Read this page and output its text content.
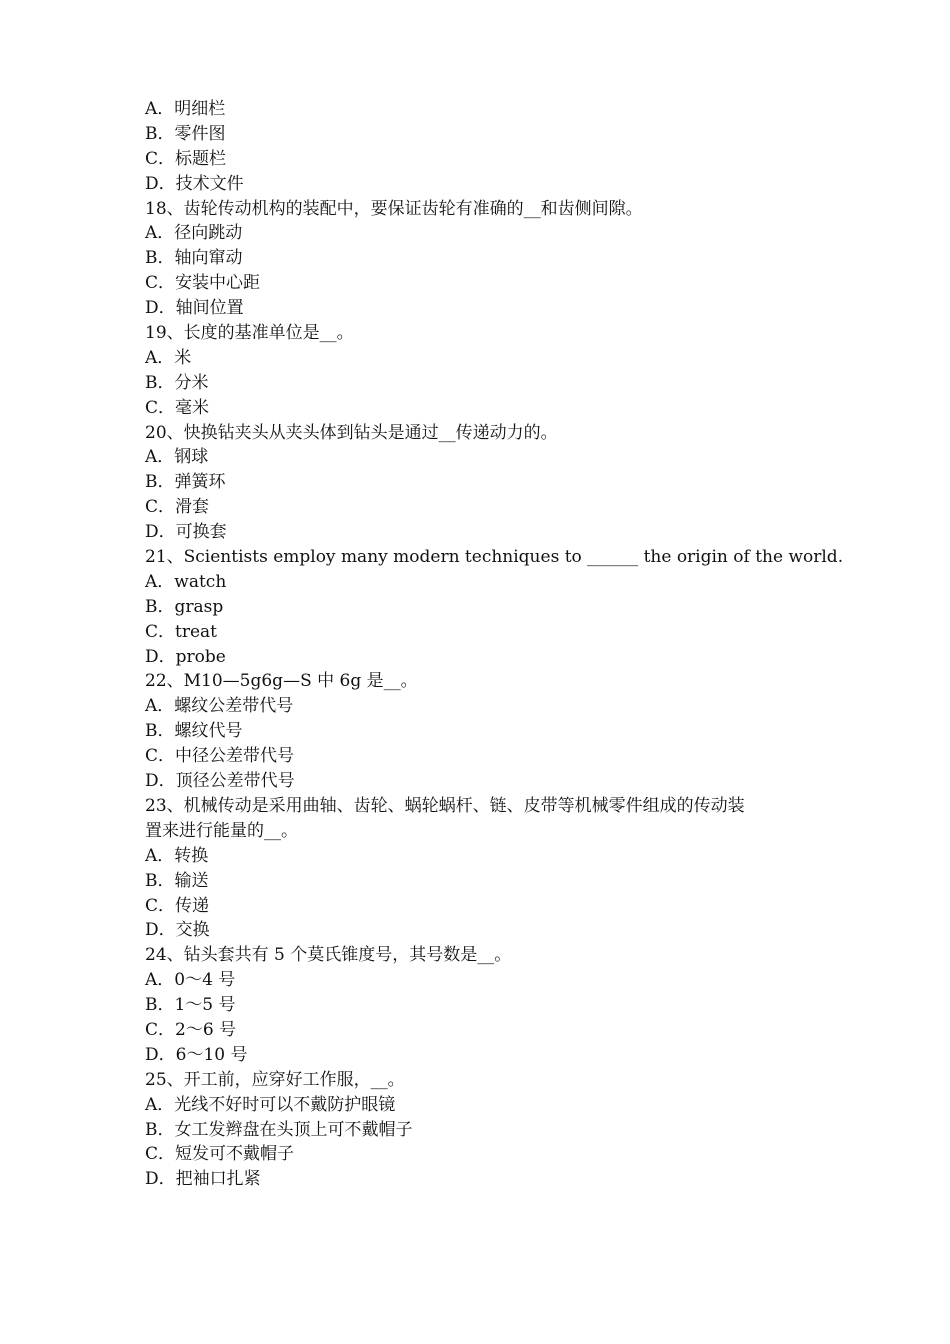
A．明细栏
B．零件图
C．标题栏
D．技术文件
18、齿轮传动机构的装配中，要保证齿轮有准确的__和齿侧间隙。
A．径向跳动
B．轴向窜动
C．安装中心距
D．轴间位置
19、长度的基准单位是__。
A．米
B．分米
C．毫米
20、快换钻夹头从夹头体到钻头是通过__传递动力的。
A．钢球
B．弹簧环
C．滑套
D．可换套
21、Scientists employ many modern techniques to ______ the origin of the world.
A．watch
B．grasp
C．treat
D．probe
22、M10—5g6g—S 中 6g 是__。
A．螺纹公差带代号
B．螺纹代号
C．中径公差带代号
D．顶径公差带代号
23、机械传动是采用曲轴、齿轮、蜗轮蜗杆、链、皮带等机械零件组成的传动装
置来进行能量的__。
A．转换
B．输送
C．传递
D．交换
24、钻头套共有 5 个莫氏锥度号，其号数是__。
A．0～4 号
B．1～5 号
C．2～6 号
D．6～10 号
25、开工前，应穿好工作服，__。
A．光线不好时可以不戴防护眼镜
B．女工发辫盘在头顶上可不戴帽子
C．短发可不戴帽子
D．把袖口扎紧
